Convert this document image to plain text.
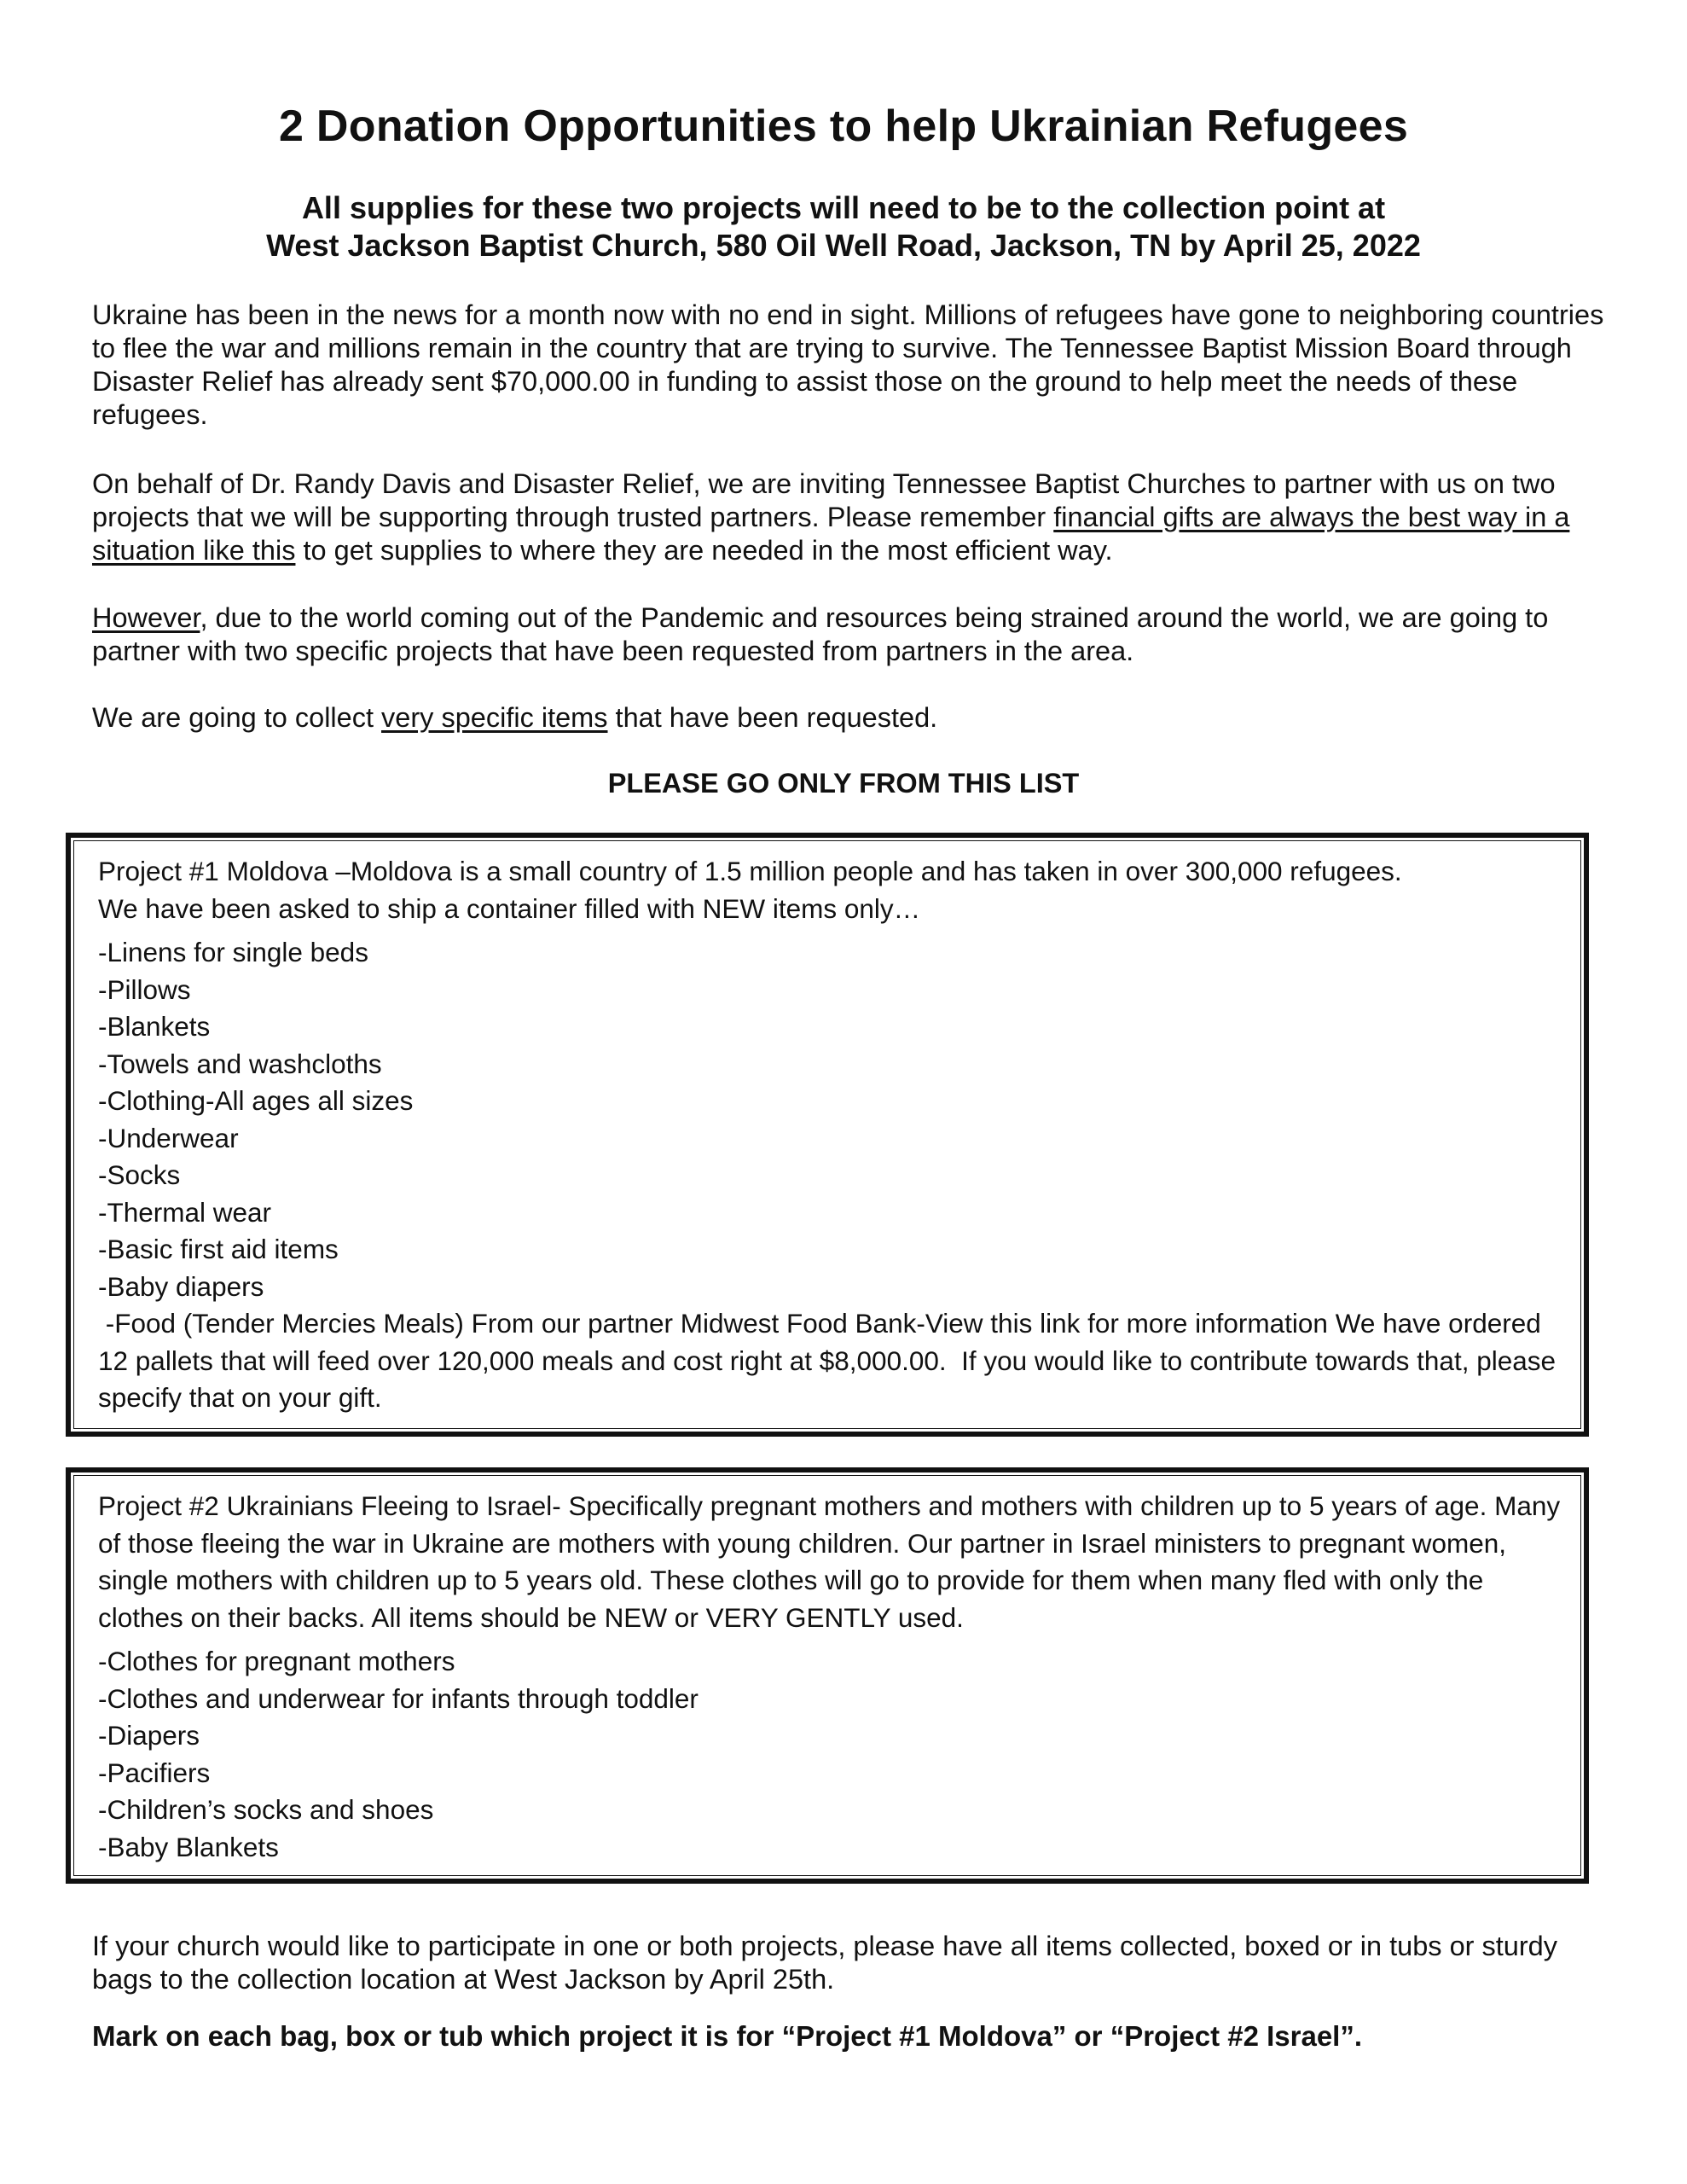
2 Donation Opportunities to help Ukrainian Refugees
All supplies for these two projects will need to be to the collection point at
West Jackson Baptist Church, 580 Oil Well Road, Jackson, TN by April 25, 2022

Ukraine has been in the news for a month now with no end in sight. Millions of refugees have gone to neighboring countries to flee the war and millions remain in the country that are trying to survive. The Tennessee Baptist Mission Board through Disaster Relief has already sent $70,000.00 in funding to assist those on the ground to help meet the needs of these refugees.

On behalf of Dr. Randy Davis and Disaster Relief, we are inviting Tennessee Baptist Churches to partner with us on two projects that we will be supporting through trusted partners. Please remember financial gifts are always the best way in a situation like this to get supplies to where they are needed in the most efficient way.

However, due to the world coming out of the Pandemic and resources being strained around the world, we are going to partner with two specific projects that have been requested from partners in the area.

We are going to collect very specific items that have been requested.

PLEASE GO ONLY FROM THIS LIST

Project #1 Moldova –Moldova is a small country of 1.5 million people and has taken in over 300,000 refugees.
We have been asked to ship a container filled with NEW items only…
-Linens for single beds
-Pillows
-Blankets
-Towels and washcloths
-Clothing-All ages all sizes
-Underwear
-Socks
-Thermal wear
-Basic first aid items
-Baby diapers
-Food (Tender Mercies Meals) From our partner Midwest Food Bank-View this link for more information We have ordered 12 pallets that will feed over 120,000 meals and cost right at $8,000.00.  If you would like to contribute towards that, please specify that on your gift.
Project #2 Ukrainians Fleeing to Israel- Specifically pregnant mothers and mothers with children up to 5 years of age. Many of those fleeing the war in Ukraine are mothers with young children. Our partner in Israel ministers to pregnant women, single mothers with children up to 5 years old. These clothes will go to provide for them when many fled with only the clothes on their backs. All items should be NEW or VERY GENTLY used.
-Clothes for pregnant mothers
-Clothes and underwear for infants through toddler
-Diapers
-Pacifiers
-Children’s socks and shoes
-Baby Blankets

If your church would like to participate in one or both projects, please have all items collected, boxed or in tubs or sturdy bags to the collection location at West Jackson by April 25th.

Mark on each bag, box or tub which project it is for “Project #1 Moldova” or “Project #2 Israel”.
